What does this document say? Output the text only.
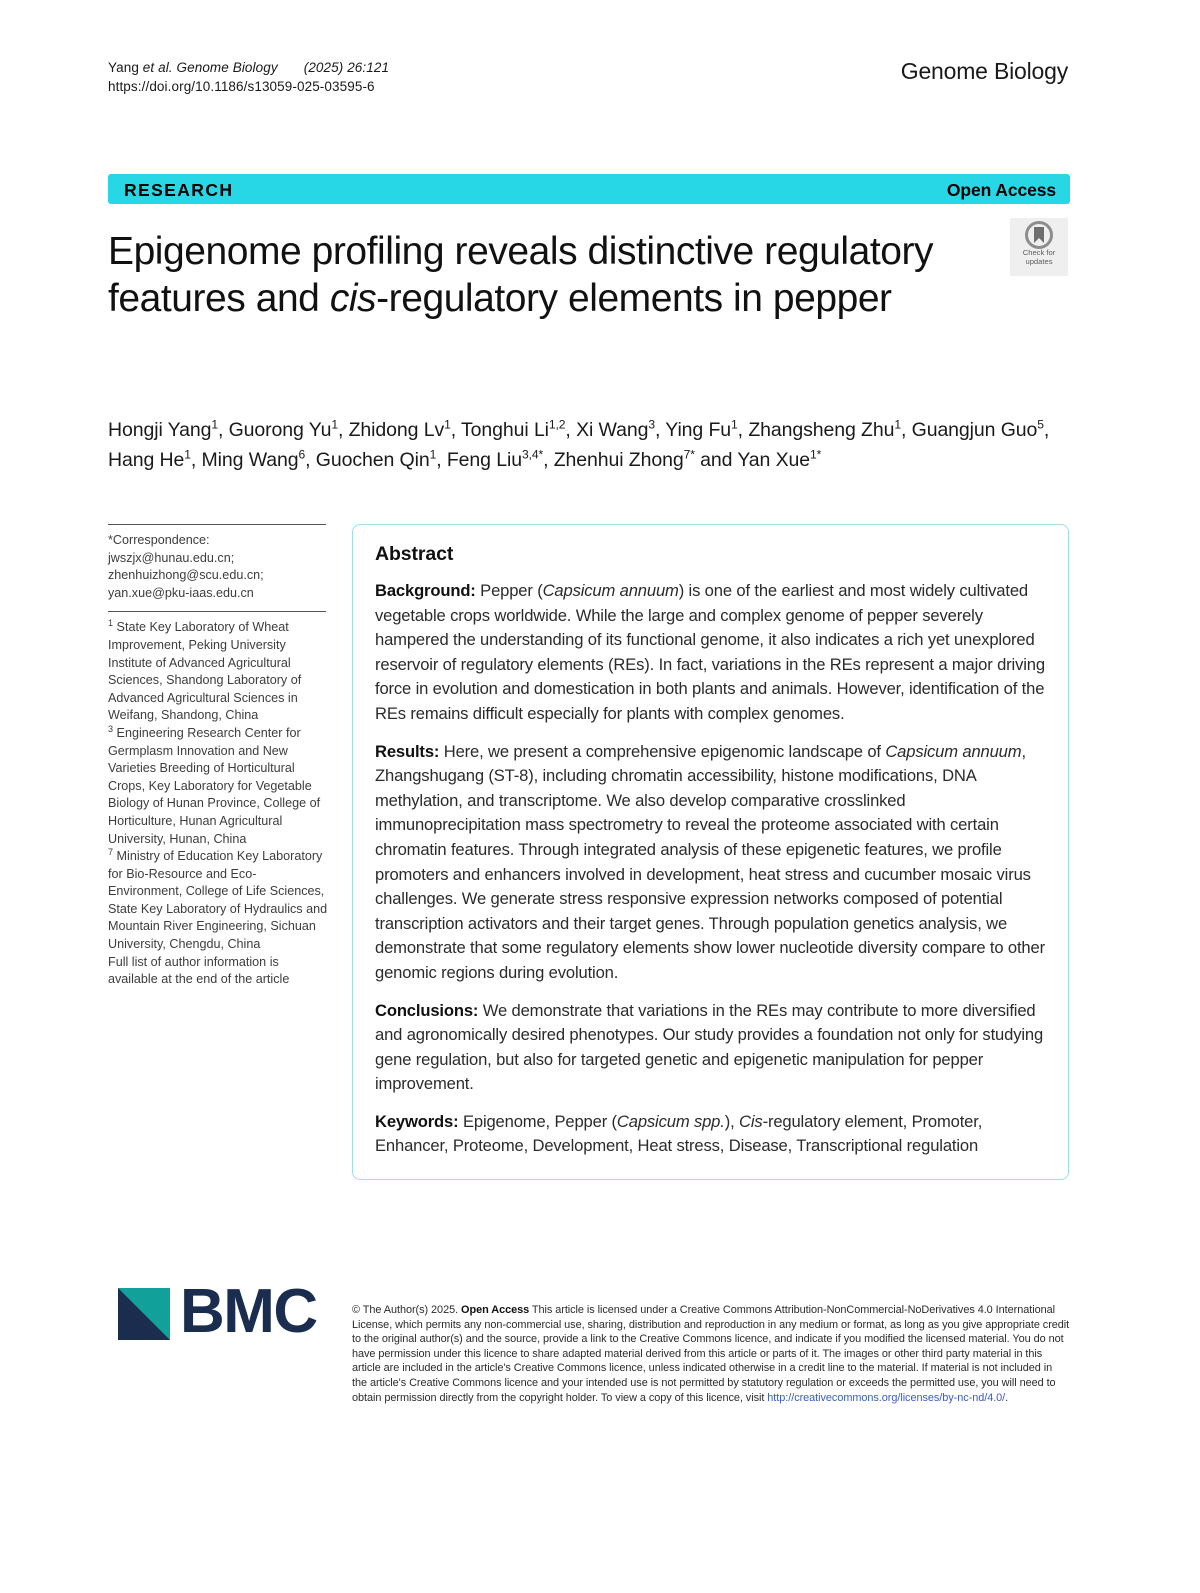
Yang et al. Genome Biology (2025) 26:121
https://doi.org/10.1186/s13059-025-03595-6
Genome Biology
RESEARCH	Open Access
Check for
updates
Epigenome profiling reveals distinctive regulatory features and cis-regulatory elements in pepper
Hongji Yang$^1$, Guorong Yu$^1$, Zhidong Lv$^1$, Tonghui Li$^{1,2}$, Xi Wang$^3$, Ying Fu$^1$, Zhangsheng Zhu$^1$, Guangjun Guo$^5$, Hang He$^1$, Ming Wang$^6$, Guochen Qin$^1$, Feng Liu$^{3,4*}$, Zhenhui Zhong$^{7*}$ and Yan Xue$^{1*}$
*Correspondence:
jwszjx@hunau.edu.cn; zhenhuizhong@scu.edu.cn; yan.xue@pku-iaas.edu.cn

$^1$ State Key Laboratory of Wheat Improvement, Peking University Institute of Advanced Agricultural Sciences, Shandong Laboratory of Advanced Agricultural Sciences in Weifang, Shandong, China

$^3$ Engineering Research Center for Germplasm Innovation and New Varieties Breeding of Horticultural Crops, Key Laboratory for Vegetable Biology of Hunan Province, College of Horticulture, Hunan Agricultural University, Hunan, China

$^7$ Ministry of Education Key Laboratory for Bio-Resource and Eco-Environment, College of Life Sciences, State Key Laboratory of Hydraulics and Mountain River Engineering, Sichuan University, Chengdu, China

Full list of author information is available at the end of the article

Abstract

Background: Pepper (Capsicum annuum) is one of the earliest and most widely cultivated vegetable crops worldwide. While the large and complex genome of pepper severely hampered the understanding of its functional genome, it also indicates a rich yet unexplored reservoir of regulatory elements (REs). In fact, variations in the REs represent a major driving force in evolution and domestication in both plants and animals. However, identification of the REs remains difficult especially for plants with complex genomes.

Results: Here, we present a comprehensive epigenomic landscape of Capsicum annuum, Zhangshugang (ST-8), including chromatin accessibility, histone modifications, DNA methylation, and transcriptome. We also develop comparative crosslinked immunoprecipitation mass spectrometry to reveal the proteome associated with certain chromatin features. Through integrated analysis of these epigenetic features, we profile promoters and enhancers involved in development, heat stress and cucumber mosaic virus challenges. We generate stress responsive expression networks composed of potential transcription activators and their target genes. Through population genetics analysis, we demonstrate that some regulatory elements show lower nucleotide diversity compare to other genomic regions during evolution.

Conclusions: We demonstrate that variations in the REs may contribute to more diversified and agronomically desired phenotypes. Our study provides a foundation not only for studying gene regulation, but also for targeted genetic and epigenetic manipulation for pepper improvement.

Keywords: Epigenome, Pepper (Capsicum spp.), Cis-regulatory element, Promoter, Enhancer, Proteome, Development, Heat stress, Disease, Transcriptional regulation

BMC	© The Author(s) 2025. Open Access This article is licensed under a Creative Commons Attribution-NonCommercial-NoDerivatives 4.0 International License, which permits any non-commercial use, sharing, distribution and reproduction in any medium or format, as long as you give appropriate credit to the original author(s) and the source, provide a link to the Creative Commons licence, and indicate if you modified the licensed material. You do not have permission under this licence to share adapted material derived from this article or parts of it. The images or other third party material in this article are included in the article's Creative Commons licence, unless indicated otherwise in a credit line to the material. If material is not included in the article's Creative Commons licence and your intended use is not permitted by statutory regulation or exceeds the permitted use, you will need to obtain permission directly from the copyright holder. To view a copy of this licence, visit http://creativecommons.org/licenses/by-nc-nd/4.0/.
